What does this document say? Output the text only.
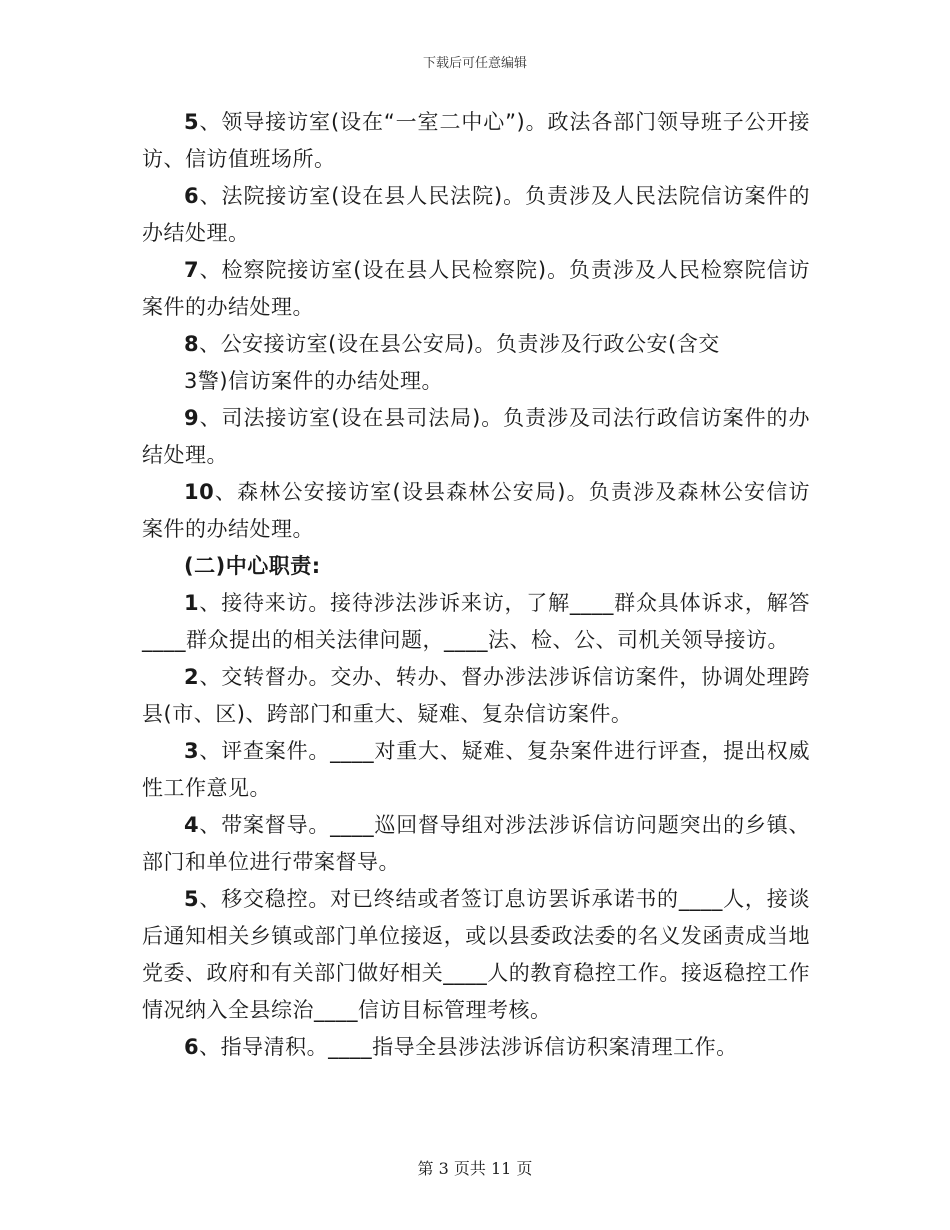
下载后可任意编辑

5、领导接访室(设在“一室二中心”)。政法各部门领导班子公开接访、信访值班场所。

6、法院接访室(设在县人民法院)。负责涉及人民法院信访案件的办结处理。

7、检察院接访室(设在县人民检察院)。负责涉及人民检察院信访案件的办结处理。

8、公安接访室(设在县公安局)。负责涉及行政公安(含交

3警)信访案件的办结处理。

9、司法接访室(设在县司法局)。负责涉及司法行政信访案件的办结处理。

10、森林公安接访室(设县森林公安局)。负责涉及森林公安信访案件的办结处理。

(二)中心职责:

1、接待来访。接待涉法涉诉来访，了解____群众具体诉求，解答____群众提出的相关法律问题，____法、检、公、司机关领导接访。

2、交转督办。交办、转办、督办涉法涉诉信访案件，协调处理跨县(市、区)、跨部门和重大、疑难、复杂信访案件。

3、评查案件。____对重大、疑难、复杂案件进行评查，提出权威性工作意见。

4、带案督导。____巡回督导组对涉法涉诉信访问题突出的乡镇、部门和单位进行带案督导。

5、移交稳控。对已终结或者签订息访罢诉承诺书的____人，接谈后通知相关乡镇或部门单位接返，或以县委政法委的名义发函责成当地党委、政府和有关部门做好相关____人的教育稳控工作。接返稳控工作情况纳入全县综治____信访目标管理考核。

6、指导清积。____指导全县涉法涉诉信访积案清理工作。

第 3 页共 11 页
